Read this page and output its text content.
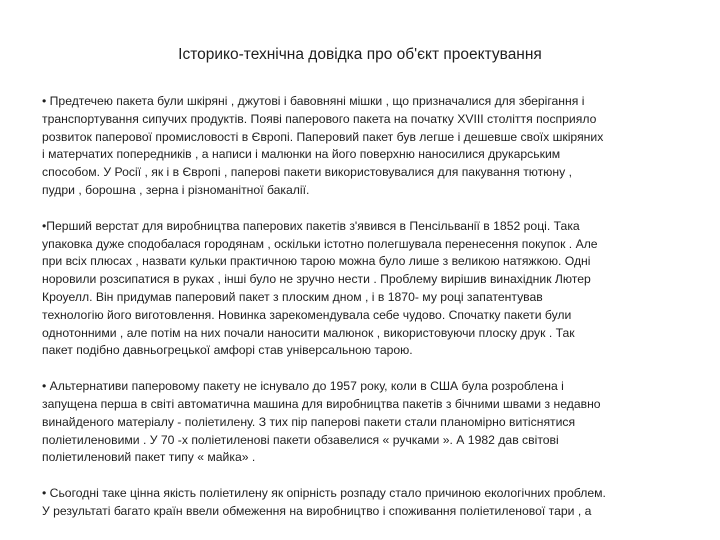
Історико-технічна довідка про об'єкт проектування

• Предтечею пакета були шкіряні , джутові і бавовняні мішки , що призначалися для зберігання і
транспортування сипучих продуктів. Появі паперового пакета на початку XVIII століття посприяло
розвиток паперової промисловості в Європі. Паперовий пакет був легше і дешевше своїх шкіряних
і матерчатих попередників , а написи і малюнки на його поверхню наносилися друкарським
способом. У Росії , як і в Європі , паперові пакети використовувалися для пакування тютюну ,
пудри , борошна , зерна і різноманітної бакалії.

•Перший верстат для виробництва паперових пакетів з'явився в Пенсільванії в 1852 році. Така
упаковка дуже сподобалася городянам , оскільки істотно полегшувала перенесення покупок . Але
при всіх плюсах , назвати кульки практичною тарою можна було лише з великою натяжкою. Одні
норовили розсипатися в руках , інші було не зручно нести . Проблему вирішив винахідник Лютер
Кроуелл. Він придумав паперовий пакет з плоским дном , і в 1870- му році запатентував
технологію його виготовлення. Новинка зарекомендувала себе чудово. Спочатку пакети були
однотонними , але потім на них почали наносити малюнок , використовуючи плоску друк . Так
пакет подібно давньогрецької амфорі став універсальною тарою.

• Альтернативи паперовому пакету не існувало до 1957 року, коли в США була розроблена і
запущена перша в світі автоматична машина для виробництва пакетів з бічними швами з недавно
винайденого матеріалу - поліетилену. З тих пір паперові пакети стали планомірно витіснятися
поліетиленовими . У 70 -х поліетиленові пакети обзавелися « ручками ». А 1982 дав світові
поліетиленовий пакет типу « майка» .

• Сьогодні таке цінна якість поліетилену як опірність розпаду стало причиною екологічних проблем.
У результаті багато країн ввели обмеження на виробництво і споживання поліетиленової тари , а
